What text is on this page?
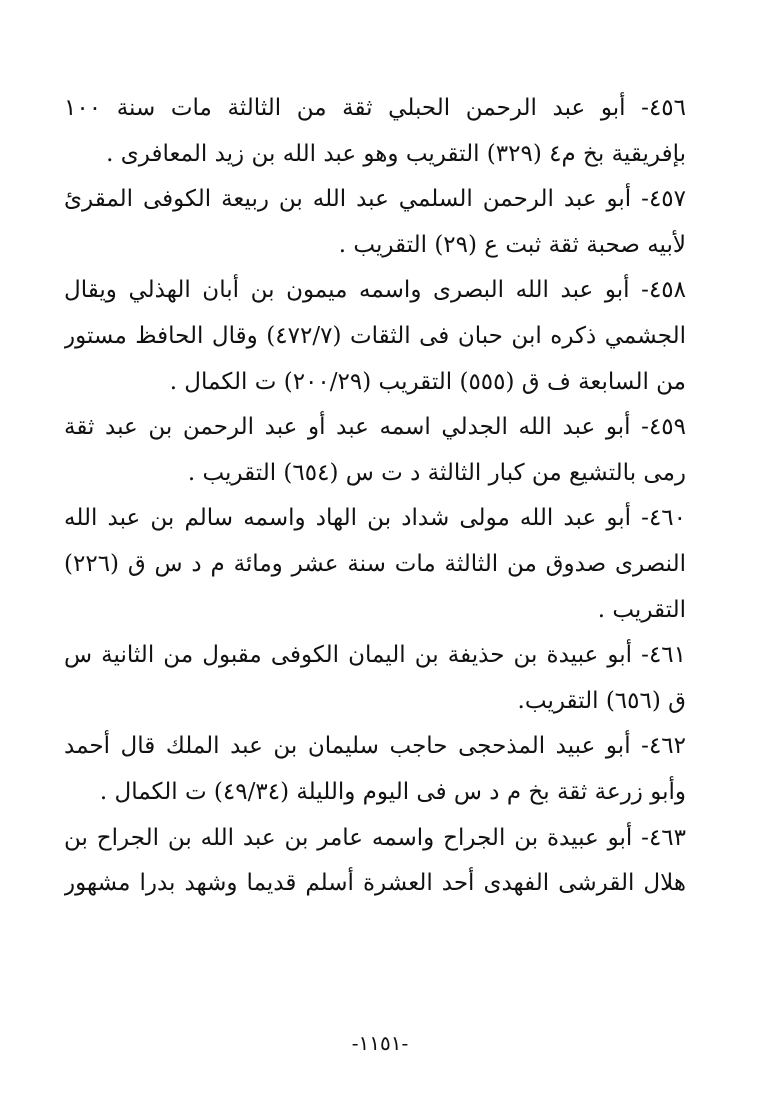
٤٥٦- أبو عبد الرحمن الحبلي ثقة من الثالثة مات سنة ١٠٠
بإفريقية بخ م٤ (٣٢٩) التقريب وهو عبد الله بن زيد المعافرى .

٤٥٧- أبو عبد الرحمن السلمي عبد الله بن ربيعة الكوفى المقرئ
لأبيه صحبة ثقة ثبت ع (٢٩) التقريب .

٤٥٨- أبو عبد الله البصرى واسمه ميمون بن أبان الهذلي ويقال
الجشمي ذكره ابن حبان فى الثقات (٤٧٢/٧) وقال الحافظ مستور
من السابعة ف ق (٥٥٥) التقريب (٢٠٠/٢٩) ت الكمال .

٤٥٩- أبو عبد الله الجدلي اسمه عبد أو عبد الرحمن بن عبد ثقة
رمى بالتشيع من كبار الثالثة د ت س (٦٥٤) التقريب .

٤٦٠- أبو عبد الله مولى شداد بن الهاد واسمه سالم بن عبد الله
النصرى صدوق من الثالثة مات سنة عشر ومائة م د س ق (٢٢٦)
التقريب .

٤٦١- أبو عبيدة بن حذيفة بن اليمان الكوفى مقبول من الثانية س
ق (٦٥٦) التقريب.

٤٦٢- أبو عبيد المذحجى حاجب سليمان بن عبد الملك قال أحمد
وأبو زرعة ثقة بخ م د س فى اليوم والليلة (٤٩/٣٤) ت الكمال .

٤٦٣- أبو عبيدة بن الجراح واسمه عامر بن عبد الله بن الجراح بن
هلال القرشى الفهدى أحد العشرة أسلم قديما وشهد بدرا مشهور

-١١٥١-
